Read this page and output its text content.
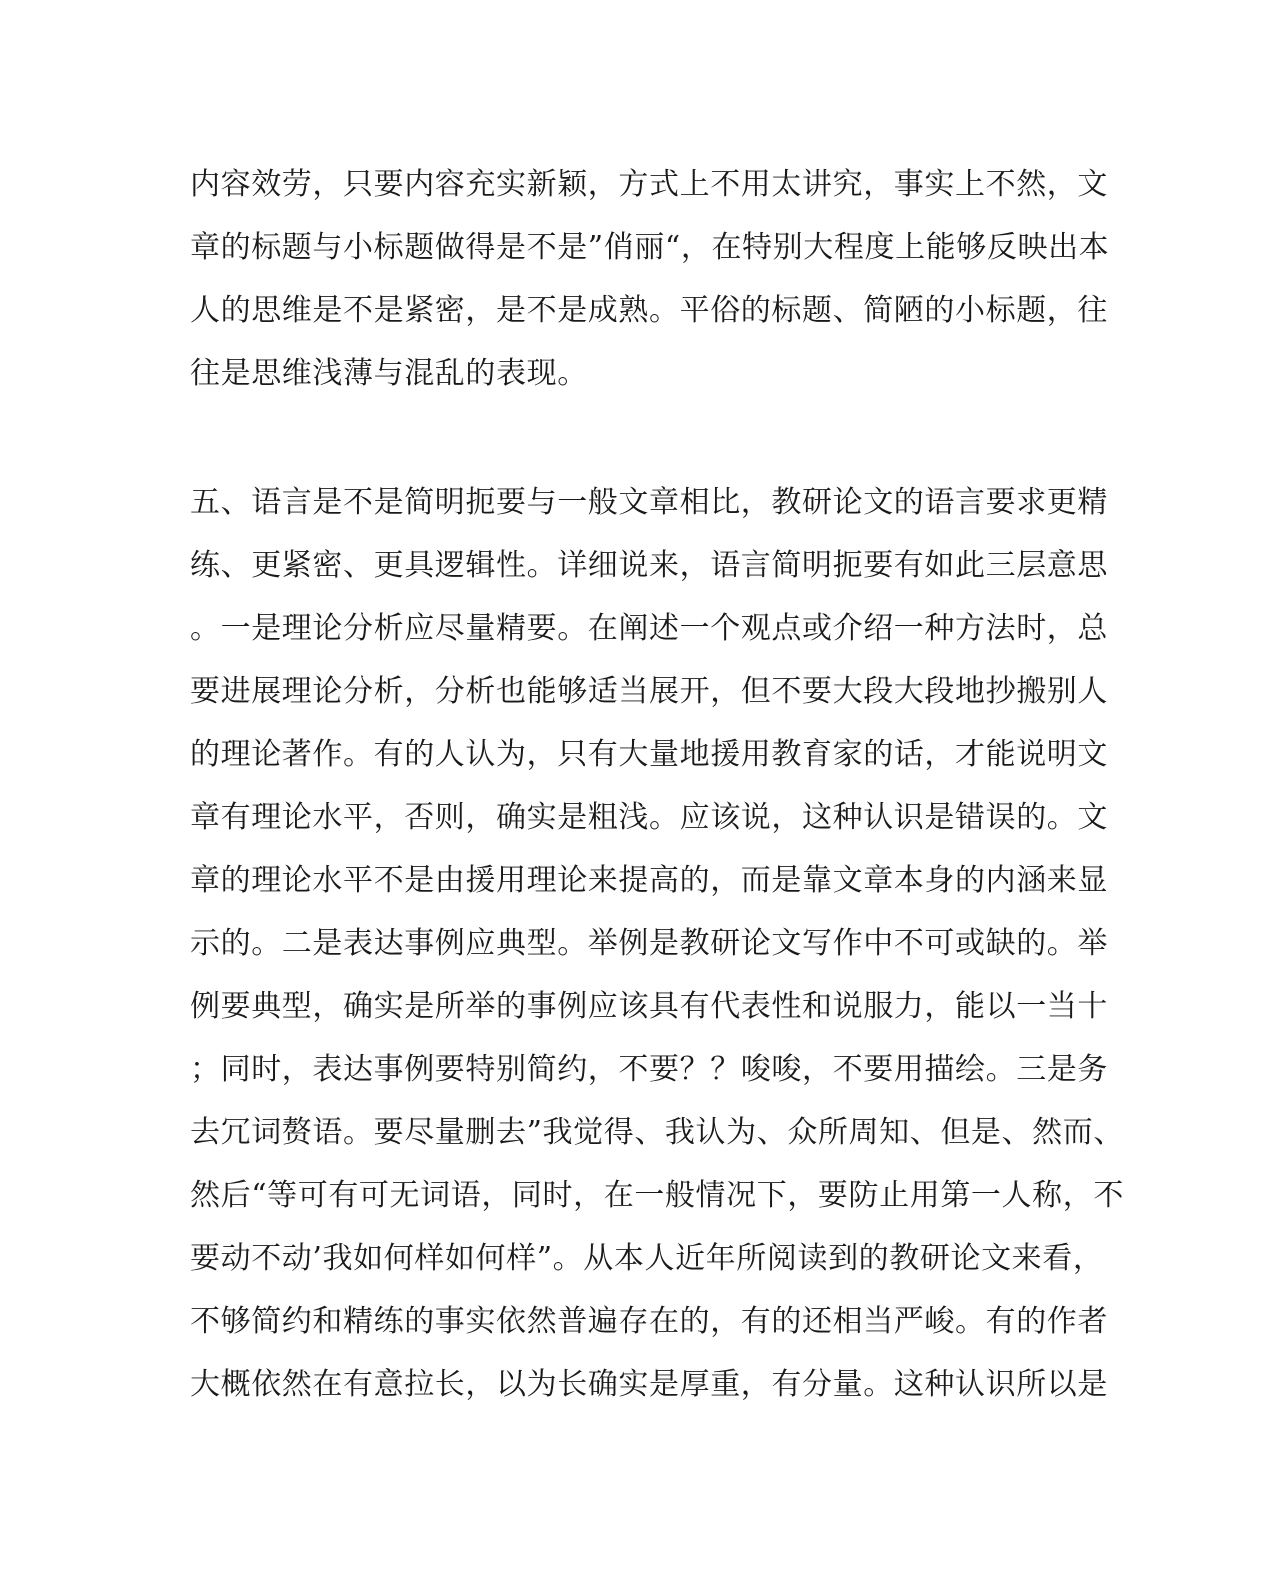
内容效劳，只要内容充实新颖，方式上不用太讲究，事实上不然，文
章的标题与小标题做得是不是”俏丽“，在特别大程度上能够反映出本
人的思维是不是紧密，是不是成熟。平俗的标题、简陋的小标题，往
往是思维浅薄与混乱的表现。
五、语言是不是简明扼要与一般文章相比，教研论文的语言要求更精
练、更紧密、更具逻辑性。详细说来，语言简明扼要有如此三层意思
。一是理论分析应尽量精要。在阐述一个观点或介绍一种方法时，总
要进展理论分析，分析也能够适当展开，但不要大段大段地抄搬别人
的理论著作。有的人认为，只有大量地援用教育家的话，才能说明文
章有理论水平，否则，确实是粗浅。应该说，这种认识是错误的。文
章的理论水平不是由援用理论来提高的，而是靠文章本身的内涵来显
示的。二是表达事例应典型。举例是教研论文写作中不可或缺的。举
例要典型，确实是所举的事例应该具有代表性和说服力，能以一当十
；同时，表达事例要特别简约，不要？？唆唆，不要用描绘。三是务
去冗词赘语。要尽量删去”我觉得、我认为、众所周知、但是、然而、
然后“等可有可无词语，同时，在一般情况下，要防止用第一人称，不
要动不动’我如何样如何样”。从本人近年所阅读到的教研论文来看，
不够简约和精练的事实依然普遍存在的，有的还相当严峻。有的作者
大概依然在有意拉长，以为长确实是厚重，有分量。这种认识所以是
